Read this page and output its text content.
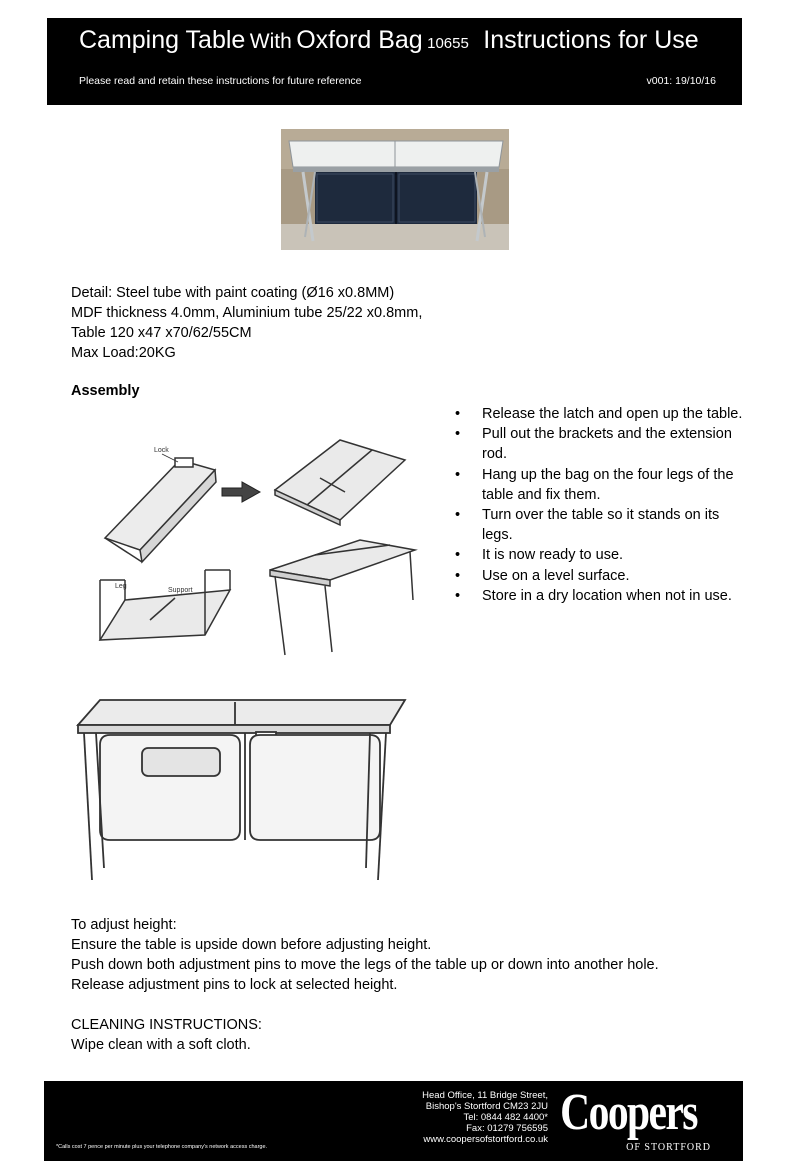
Camping Table With Oxford Bag 10655 Instructions for Use
Please read and retain these instructions for future reference	v001: 19/10/16
Detail: Steel tube with paint coating (Ø16 x0.8MM)
MDF thickness 4.0mm, Aluminium tube 25/22 x0.8mm,
Table 120 x47 x70/62/55CM
Max Load:20KG
Assembly
• Release the latch and open up the table.
• Pull out the brackets and the extension rod.
• Hang up the bag on the four legs of the table and fix them.
• Turn over the table so it stands on its legs.
• It is now ready to use.
• Use on a level surface.
• Store in a dry location when not in use.
Lock
Leg
Support
To adjust height:
Ensure the table is upside down before adjusting height.
Push down both adjustment pins to move the legs of the table up or down into another hole.
Release adjustment pins to lock at selected height.
CLEANING INSTRUCTIONS:
Wipe clean with a soft cloth.
*Calls cost 7 pence per minute plus your telephone company's network access charge.
Head Office, 11 Bridge Street,
Bishop's Stortford CM23 2JU
Tel: 0844 482 4400*
Fax: 01279 756595
www.coopersofstortford.co.uk Coopers
OF STORTFORD
